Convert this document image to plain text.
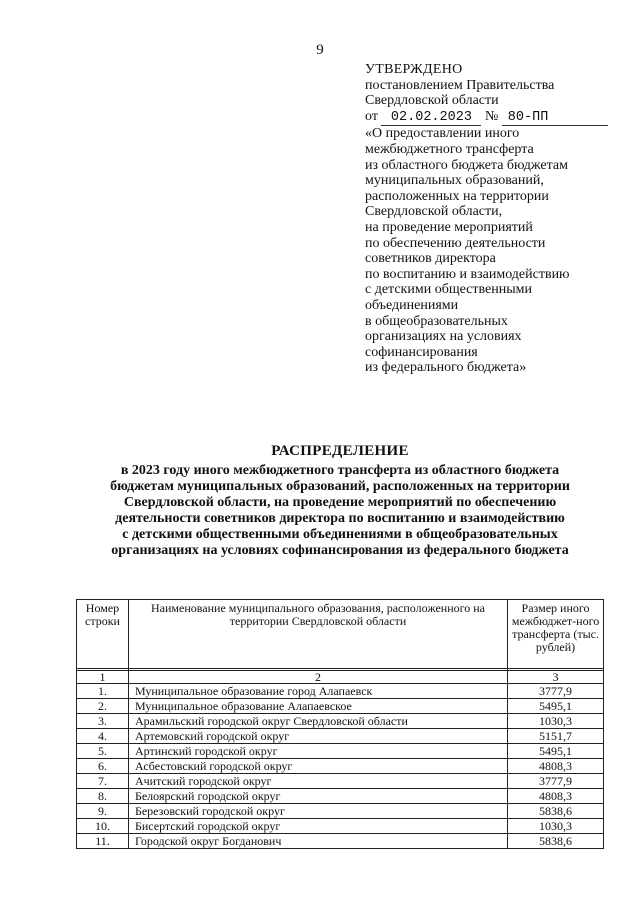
9
УТВЕРЖДЕНО
постановлением Правительства
Свердловской области
от 02.02.2023 № 80-ПП
«О предоставлении иного
межбюджетного трансферта
из областного бюджета бюджетам
муниципальных образований,
расположенных на территории
Свердловской области,
на проведение мероприятий
по обеспечению деятельности
советников директора
по воспитанию и взаимодействию
с детскими общественными
объединениями
в общеобразовательных
организациях на условиях
софинансирования
из федерального бюджета»
РАСПРЕДЕЛЕНИЕ
в 2023 году иного межбюджетного трансферта из областного бюджета
бюджетам муниципальных образований, расположенных на территории
Свердловской области, на проведение мероприятий по обеспечению
деятельности советников директора по воспитанию и взаимодействию
с детскими общественными объединениями в общеобразовательных
организациях на условиях софинансирования из федерального бюджета
Номер строки	Наименование муниципального образования, расположенного на территории Свердловской области	Размер иного межбюджет-ного трансферта (тыс. рублей)

1	2	3
1.	Муниципальное образование город Алапаевск	3777,9
2.	Муниципальное образование Алапаевское	5495,1
3.	Арамильский городской округ Свердловской области	1030,3
4.	Артемовский городской округ	5151,7
5.	Артинский городской округ	5495,1
6.	Асбестовский городской округ	4808,3
7.	Ачитский городской округ	3777,9
8.	Белоярский городской округ	4808,3
9.	Березовский городской округ	5838,6
10.	Бисертский городской округ	1030,3
11.	Городской округ Богданович	5838,6
